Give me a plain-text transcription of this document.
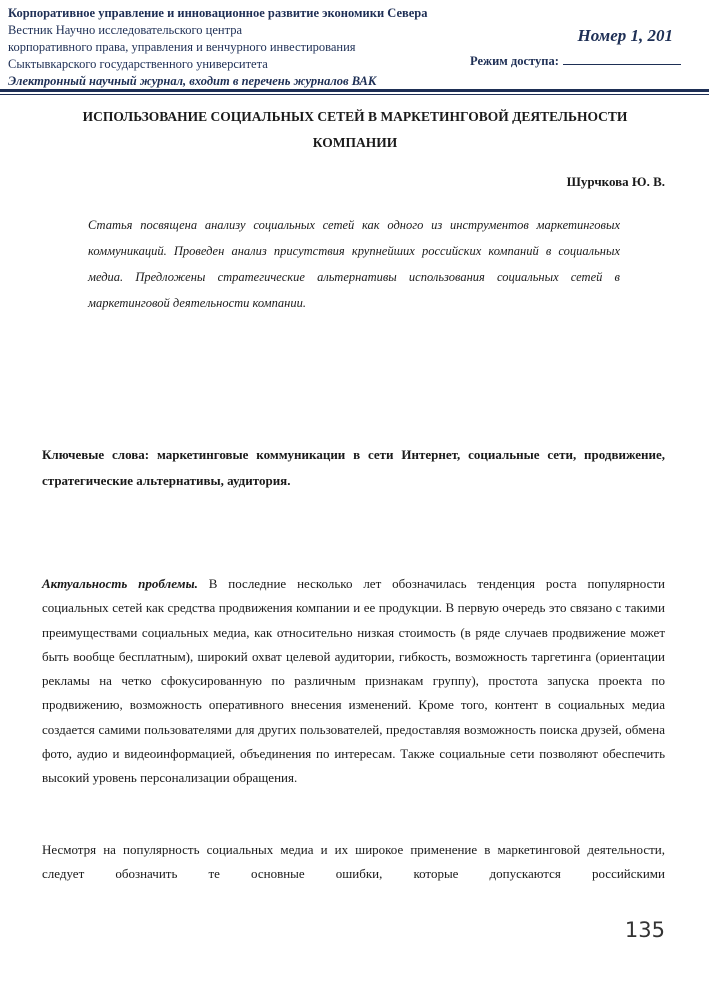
Корпоративное управление и инновационное развитие экономики Севера
Вестник Научно исследовательского центра
корпоративного права, управления и венчурного инвестирования
Сыктывкарского государственного университета
Электронный научный журнал, входит в перечень журналов ВАК
Номер 1, 201
Режим доступа:
ИСПОЛЬЗОВАНИЕ СОЦИАЛЬНЫХ СЕТЕЙ В МАРКЕТИНГОВОЙ ДЕЯТЕЛЬНОСТИ КОМПАНИИ
Шурчкова Ю. В.
Статья посвящена анализу социальных сетей как одного из инструментов маркетинговых коммуникаций. Проведен анализ присутствия крупнейших российских компаний в социальных медиа. Предложены стратегические альтернативы использования социальных сетей в маркетинговой деятельности компании.
Ключевые слова: маркетинговые коммуникации в сети Интернет, социальные сети, продвижение, стратегические альтернативы, аудитория.
Актуальность проблемы. В последние несколько лет обозначилась тенденция роста популярности социальных сетей как средства продвижения компании и ее продукции. В первую очередь это связано с такими преимуществами социальных медиа, как относительно низкая стоимость (в ряде случаев продвижение может быть вообще бесплатным), широкий охват целевой аудитории, гибкость, возможность таргетинга (ориентации рекламы на четко сфокусированную по различным признакам группу), простота запуска проекта по продвижению, возможность оперативного внесения изменений. Кроме того, контент в социальных медиа создается самими пользователями для других пользователей, предоставляя возможность поиска друзей, обмена фото, аудио и видеоинформацией, объединения по интересам. Также социальные сети позволяют обеспечить высокий уровень персонализации обращения.
Несмотря на популярность социальных медиа и их широкое применение в маркетинговой деятельности, следует обозначить те основные ошибки, которые допускаются российскими
135
